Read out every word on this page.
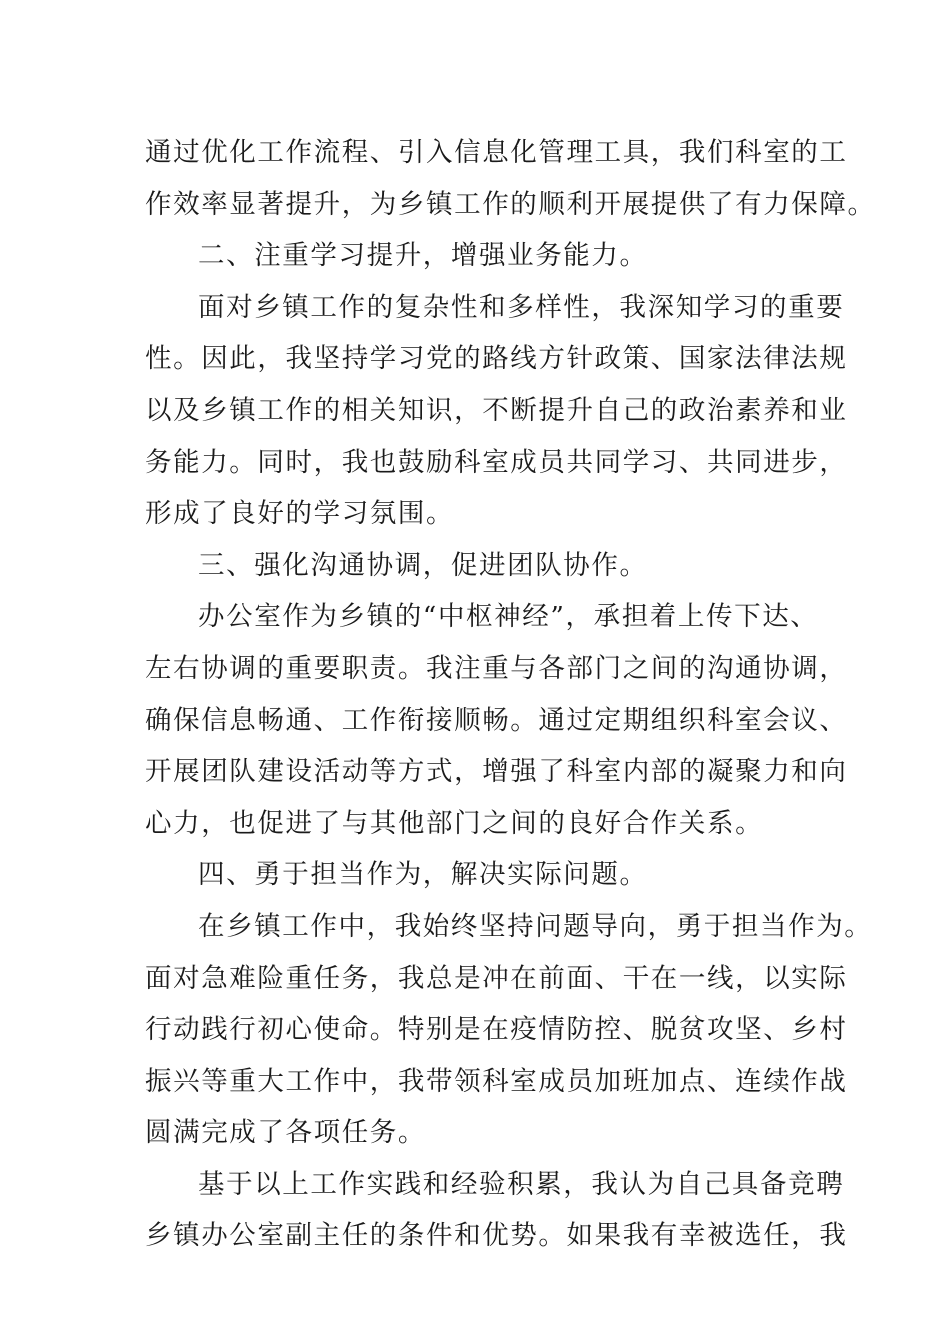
通过优化工作流程、引入信息化管理工具，我们科室的工
作效率显著提升，为乡镇工作的顺利开展提供了有力保障。
二、注重学习提升，增强业务能力。
面对乡镇工作的复杂性和多样性，我深知学习的重要
性。因此，我坚持学习党的路线方针政策、国家法律法规
以及乡镇工作的相关知识，不断提升自己的政治素养和业
务能力。同时，我也鼓励科室成员共同学习、共同进步，
形成了良好的学习氛围。
三、强化沟通协调，促进团队协作。
办公室作为乡镇的“中枢神经”，承担着上传下达、
左右协调的重要职责。我注重与各部门之间的沟通协调，
确保信息畅通、工作衔接顺畅。通过定期组织科室会议、
开展团队建设活动等方式，增强了科室内部的凝聚力和向
心力，也促进了与其他部门之间的良好合作关系。
四、勇于担当作为，解决实际问题。
在乡镇工作中，我始终坚持问题导向，勇于担当作为。
面对急难险重任务，我总是冲在前面、干在一线，以实际
行动践行初心使命。特别是在疫情防控、脱贫攻坚、乡村
振兴等重大工作中，我带领科室成员加班加点、连续作战
圆满完成了各项任务。
基于以上工作实践和经验积累，我认为自己具备竞聘
乡镇办公室副主任的条件和优势。如果我有幸被选任，我
